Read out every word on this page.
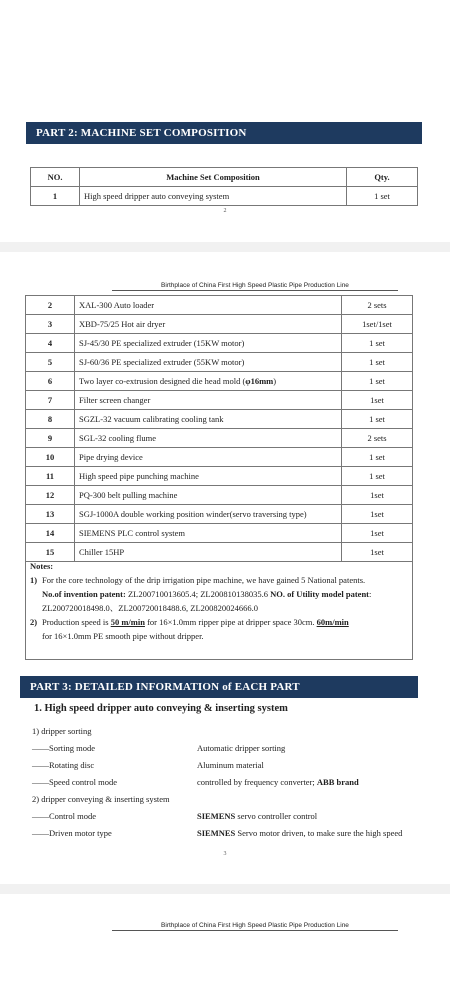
PART 2: MACHINE SET COMPOSITION
NO.	Machine Set Composition	Qty.
1	High speed dripper auto conveying system	1 set
2
Birthplace of China First High Speed Plastic Pipe Production Line
2	XAL-300 Auto loader	2 sets
3	XBD-75/25 Hot air dryer	1set/1set
4	SJ-45/30 PE specialized extruder (15KW motor)	1 set
5	SJ-60/36 PE specialized extruder (55KW motor)	1 set
6	Two layer co-extrusion designed die head mold (φ16mm)	1 set
7	Filter screen changer	1set
8	SGZL-32 vacuum calibrating cooling tank	1 set
9	SGL-32 cooling flume	2 sets
10	Pipe drying device	1 set
11	High speed pipe punching machine	1 set
12	PQ-300 belt pulling machine	1set
13	SGJ-1000A double working position winder(servo traversing type)	1set
14	SIEMENS PLC control system	1set
15	Chiller 15HP	1set
Notes:
1) For the core technology of the drip irrigation pipe machine, we have gained 5 National patents.
No.of invention patent: ZL200710013605.4; ZL200810138035.6 NO. of Utility model patent: ZL200720018498.0、ZL200720018488.6, ZL200820024666.0
2) Production speed is 50 m/min for 16×1.0mm ripper pipe at dripper space 30cm. 60m/min
for 16×1.0mm PE smooth pipe without dripper.
PART 3: DETAILED INFORMATION of EACH PART
1. High speed dripper auto conveying & inserting system
1) dripper sorting
——Sorting mode	Automatic dripper sorting
——Rotating disc	Aluminum material
——Speed control mode	controlled by frequency converter; ABB brand
2) dripper conveying & inserting system
——Control mode	SIEMENS servo controller control
——Driven motor type	SIEMNES Servo motor driven, to make sure the high speed
3
Birthplace of China First High Speed Plastic Pipe Production Line
